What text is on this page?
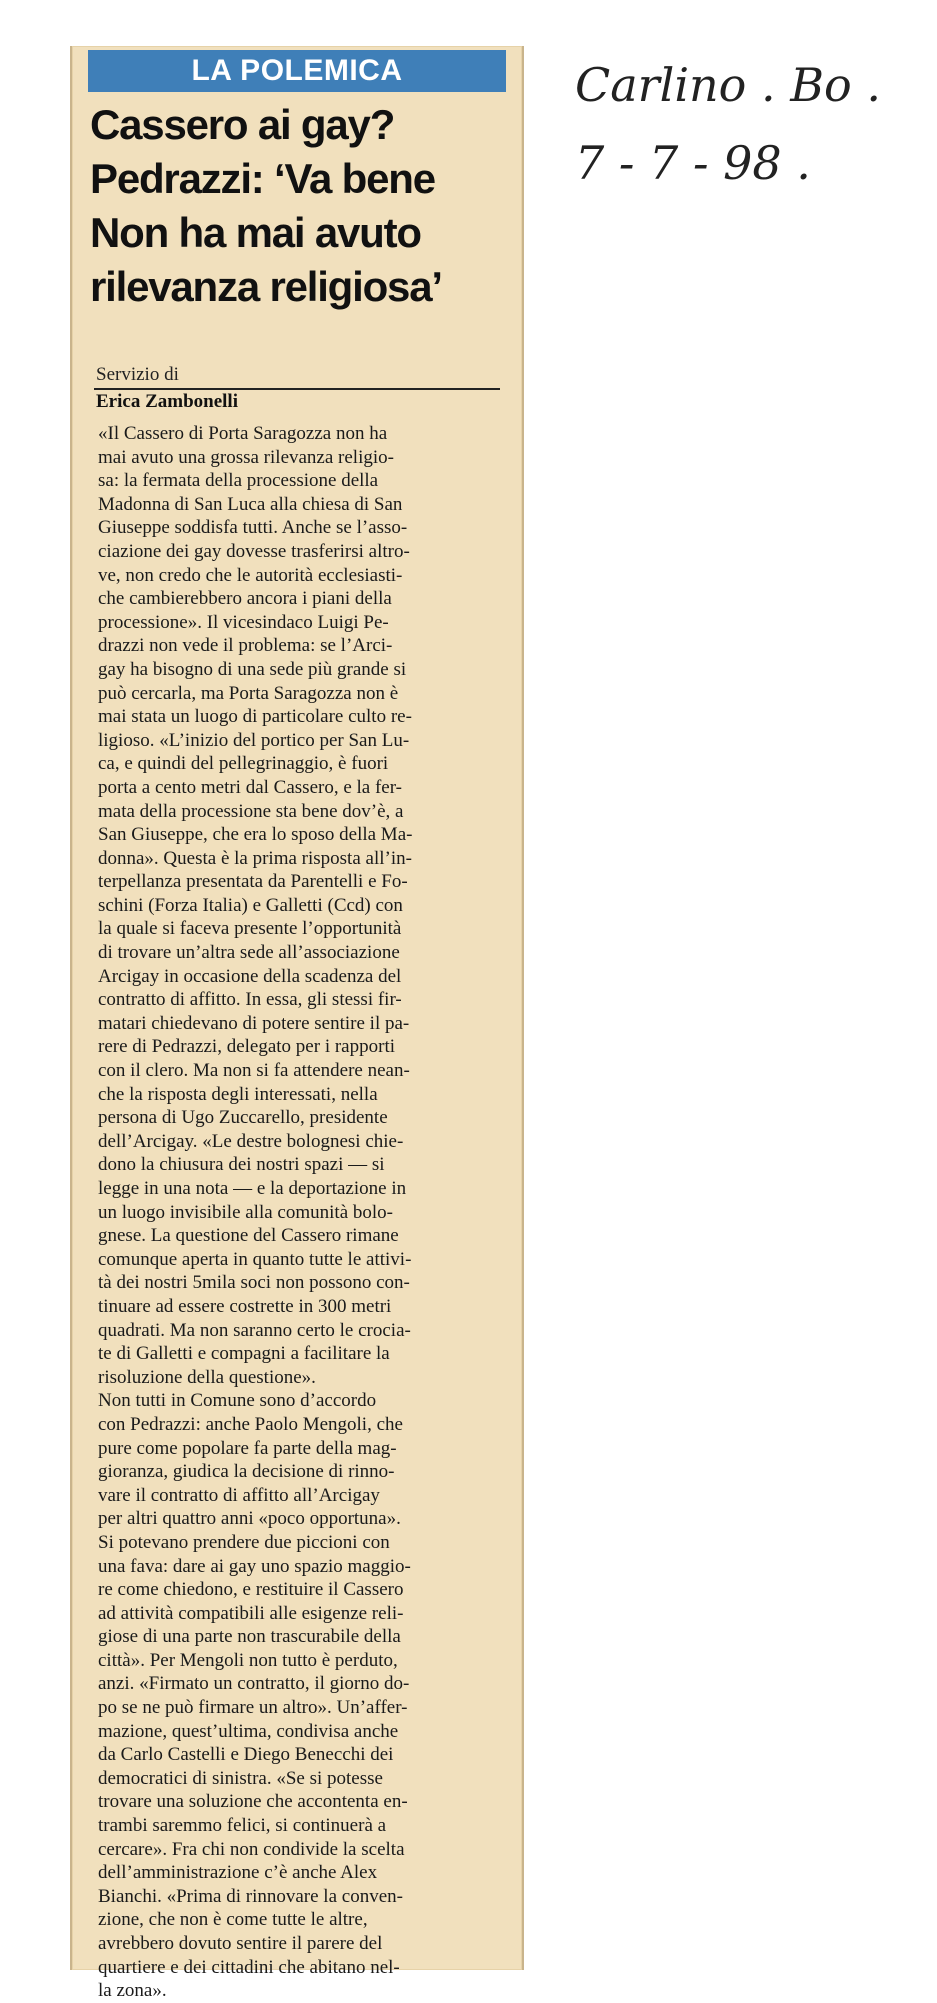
LA POLEMICA
Cassero ai gay?
Pedrazzi: ‘Va bene
Non ha mai avuto
rilevanza religiosa’
Servizio di
Erica Zambonelli
«Il Cassero di Porta Saragozza non ha
mai avuto una grossa rilevanza religio-
sa: la fermata della processione della
Madonna di San Luca alla chiesa di San
Giuseppe soddisfa tutti. Anche se l’asso-
ciazione dei gay dovesse trasferirsi altro-
ve, non credo che le autorità ecclesiasti-
che cambierebbero ancora i piani della
processione». Il vicesindaco Luigi Pe-
drazzi non vede il problema: se l’Arci-
gay ha bisogno di una sede più grande si
può cercarla, ma Porta Saragozza non è
mai stata un luogo di particolare culto re-
ligioso. «L’inizio del portico per San Lu-
ca, e quindi del pellegrinaggio, è fuori
porta a cento metri dal Cassero, e la fer-
mata della processione sta bene dov’è, a
San Giuseppe, che era lo sposo della Ma-
donna». Questa è la prima risposta all’in-
terpellanza presentata da Parentelli e Fo-
schini (Forza Italia) e Galletti (Ccd) con
la quale si faceva presente l’opportunità
di trovare un’altra sede all’associazione
Arcigay in occasione della scadenza del
contratto di affitto. In essa, gli stessi fir-
matari chiedevano di potere sentire il pa-
rere di Pedrazzi, delegato per i rapporti
con il clero. Ma non si fa attendere nean-
che la risposta degli interessati, nella
persona di Ugo Zuccarello, presidente
dell’Arcigay. «Le destre bolognesi chie-
dono la chiusura dei nostri spazi — si
legge in una nota — e la deportazione in
un luogo invisibile alla comunità bolo-
gnese. La questione del Cassero rimane
comunque aperta in quanto tutte le attivi-
tà dei nostri 5mila soci non possono con-
tinuare ad essere costrette in 300 metri
quadrati. Ma non saranno certo le crocia-
te di Galletti e compagni a facilitare la
risoluzione della questione».
Non tutti in Comune sono d’accordo
con Pedrazzi: anche Paolo Mengoli, che
pure come popolare fa parte della mag-
gioranza, giudica la decisione di rinno-
vare il contratto di affitto all’Arcigay
per altri quattro anni «poco opportuna».
Si potevano prendere due piccioni con
una fava: dare ai gay uno spazio maggio-
re come chiedono, e restituire il Cassero
ad attività compatibili alle esigenze reli-
giose di una parte non trascurabile della
città». Per Mengoli non tutto è perduto,
anzi. «Firmato un contratto, il giorno do-
po se ne può firmare un altro». Un’affer-
mazione, quest’ultima, condivisa anche
da Carlo Castelli e Diego Benecchi dei
democratici di sinistra. «Se si potesse
trovare una soluzione che accontenta en-
trambi saremmo felici, si continuerà a
cercare». Fra chi non condivide la scelta
dell’amministrazione c’è anche Alex
Bianchi. «Prima di rinnovare la conven-
zione, che non è come tutte le altre,
avrebbero dovuto sentire il parere del
quartiere e dei cittadini che abitano nel-
la zona».
Carlino . Bo .
7 - 7 - 98 .
